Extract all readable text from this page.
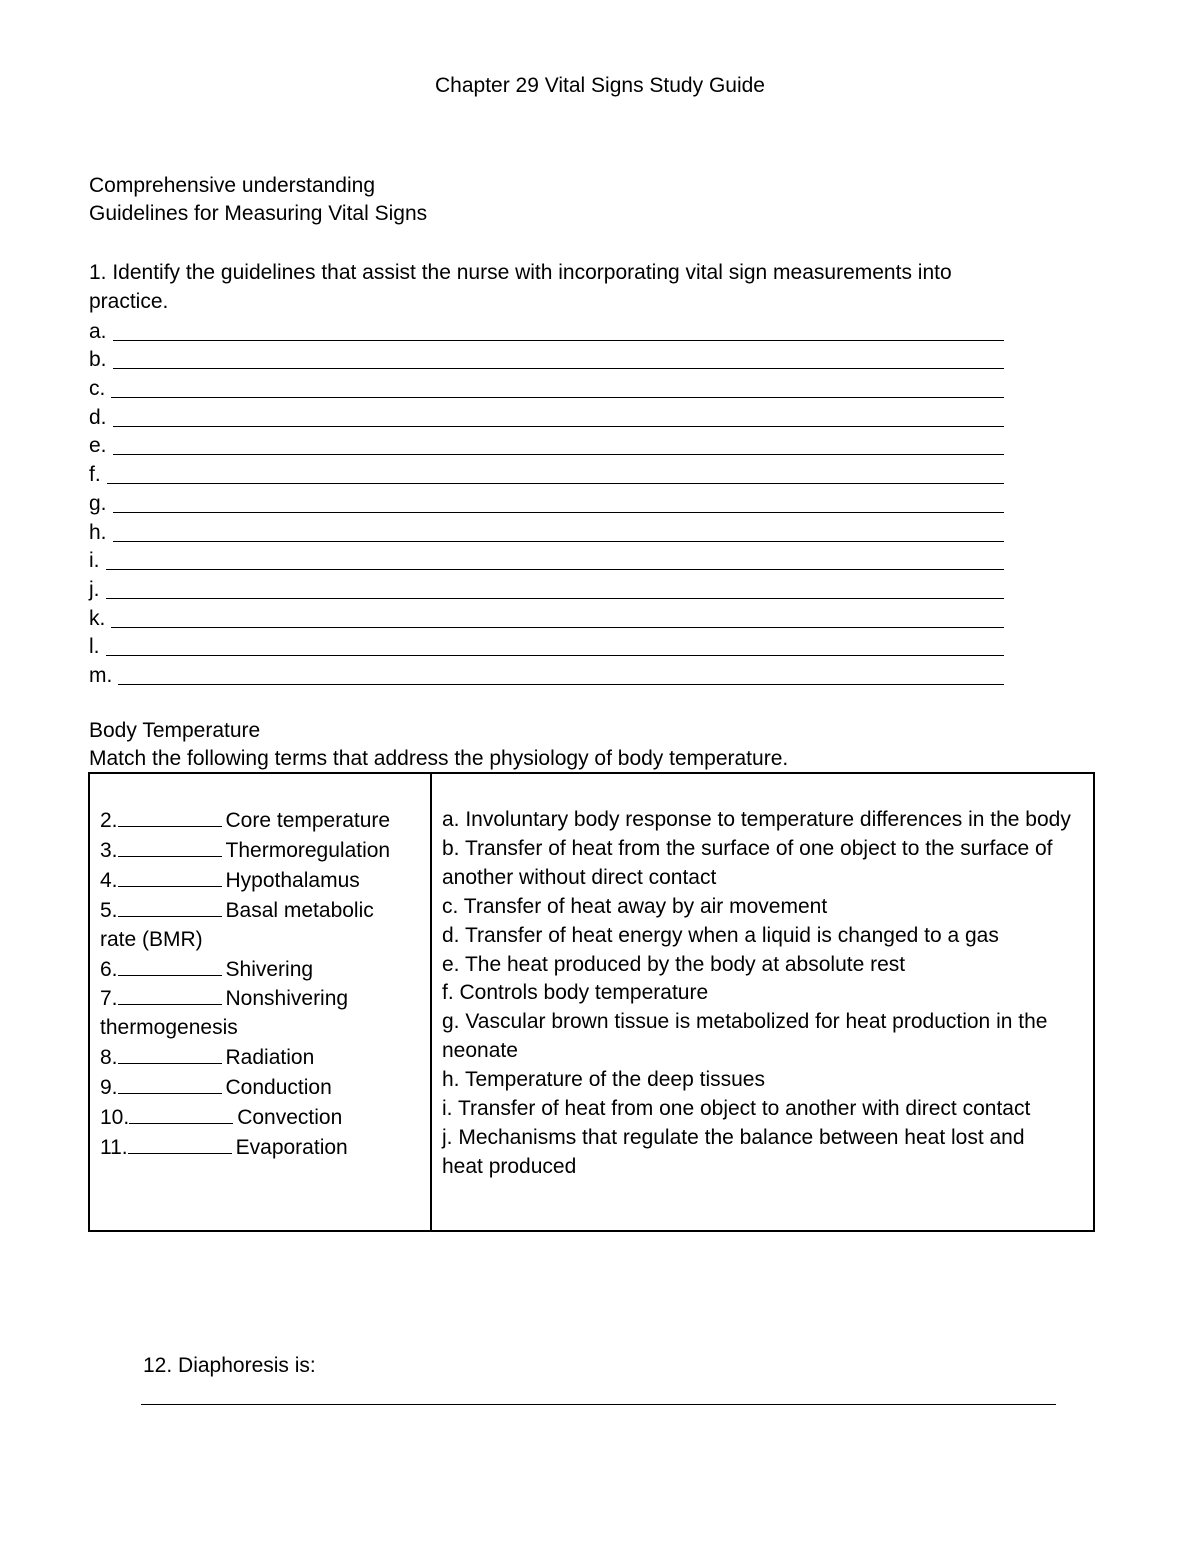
Chapter 29 Vital Signs Study Guide
Comprehensive understanding
Guidelines for Measuring Vital Signs
1. Identify the guidelines that assist the nurse with incorporating vital sign measurements into practice.
a.
b.
c.
d.
e.
f.
g.
h.
i.
j.
k.
l.
m.
Body Temperature
Match the following terms that address the physiology of body temperature.
2.	Core temperature
3.	Thermoregulation
4.	Hypothalamus
5.	Basal metabolic
rate (BMR)
6.	Shivering
7.	Nonshivering
thermogenesis
8.	Radiation
9.	Conduction
10.	Convection
11.	Evaporation
a. Involuntary body response to temperature differences in the body
b. Transfer of heat from the surface of one object to the surface of
another without direct contact
c. Transfer of heat away by air movement
d. Transfer of heat energy when a liquid is changed to a gas
e. The heat produced by the body at absolute rest
f. Controls body temperature
g. Vascular brown tissue is metabolized for heat production in the
neonate
h. Temperature of the deep tissues
i. Transfer of heat from one object to another with direct contact
j. Mechanisms that regulate the balance between heat lost and
heat produced
12. Diaphoresis is:
